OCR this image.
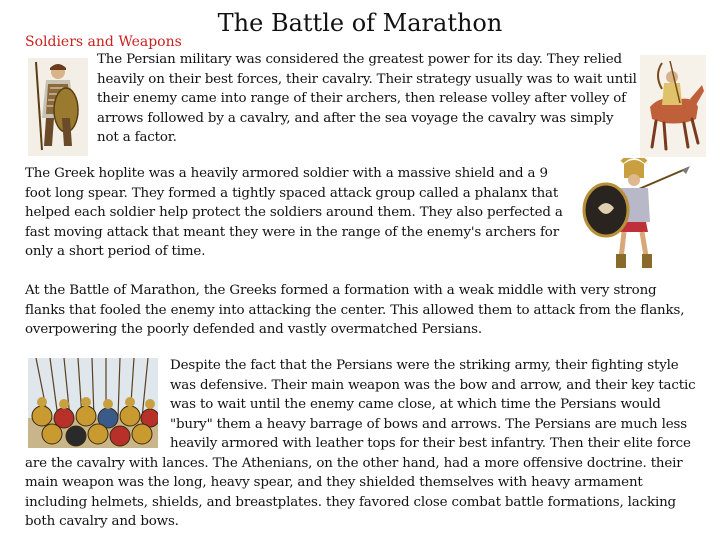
The Battle of Marathon
Soldiers and Weapons

The Persian military was considered the greatest power for its day. They relied heavily on their best forces, their cavalry. Their strategy usually was to wait until their enemy came into range of their archers, then release volley after volley of arrows followed by a cavalry, and after the sea voyage the cavalry was simply not a factor.

The Greek hoplite was a heavily armored soldier with a massive shield and a 9 foot long spear. They formed a tightly spaced attack group called a phalanx that helped each soldier help protect the soldiers around them. They also perfected a fast moving attack that meant they were in the range of the enemy's archers for only a short period of time.

At the Battle of Marathon, the Greeks formed a formation with a weak middle with very strong flanks that fooled the enemy into attacking the center. This allowed them to attack from the flanks, overpowering the poorly defended and vastly overmatched Persians.

Despite the fact that the Persians were the striking army, their fighting style was defensive. Their main weapon was the bow and arrow, and their key tactic was to wait until the enemy came close, at which time the Persians would "bury" them a heavy barrage of bows and arrows. The Persians are much less heavily armored with leather tops for their best infantry. Then their elite force are the cavalry with lances. The Athenians, on the other hand, had a more offensive doctrine. their main weapon was the long, heavy spear, and they shielded themselves with heavy armament including helmets, shields, and breastplates. they favored close combat battle formations, lacking both cavalry and bows.
